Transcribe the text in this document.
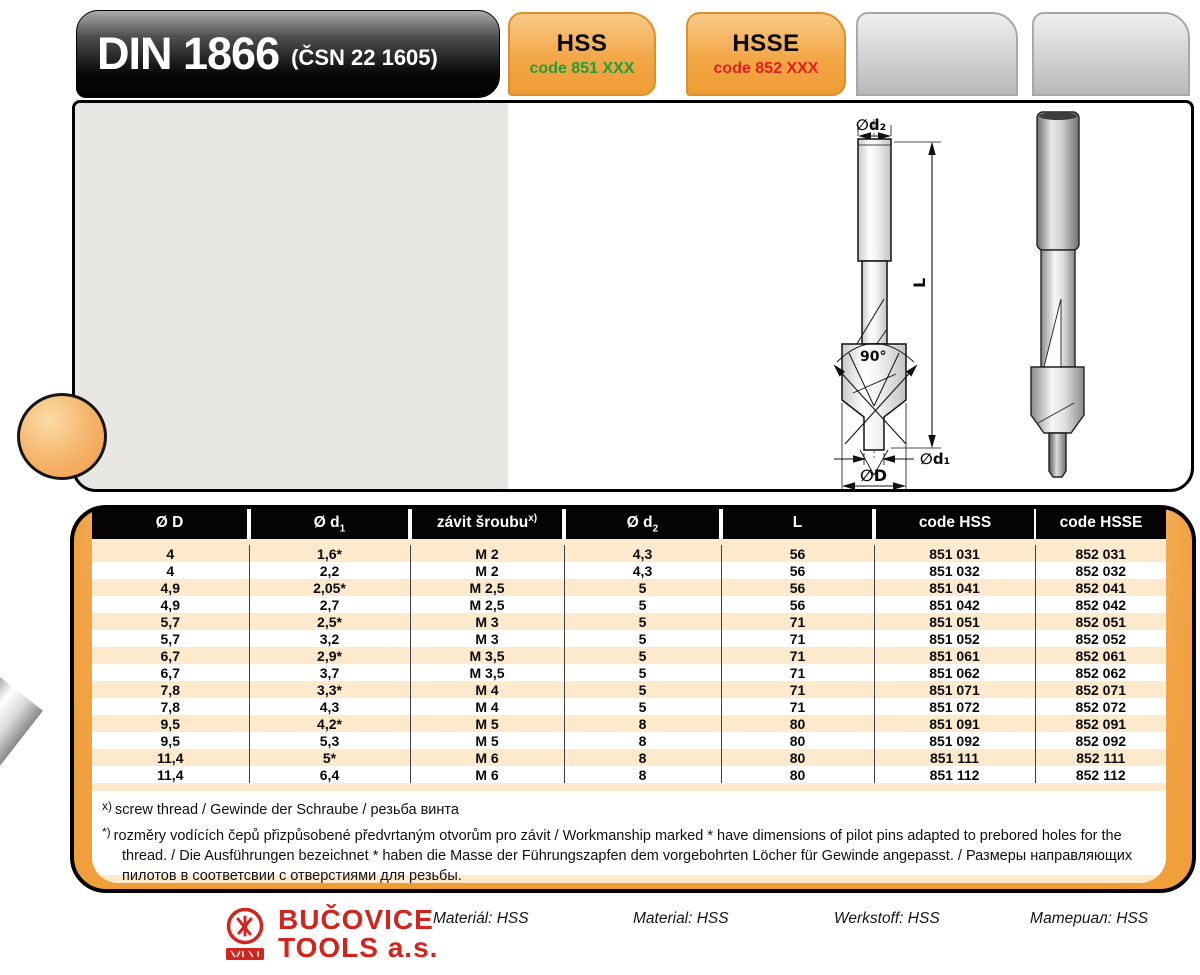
DIN 1866 (ČSN 22 1605)
HSS
code 851 XXX
HSSE
code 852 XXX
∅d₂
L
90°
∅d₁
∅D
Ø D	Ø $d_1$	závit šroubu$^{x)}$	Ø $d_2$	L	code HSS	code HSSE
4	1,6*	M 2	4,3	56	851 031	852 031
4	2,2	M 2	4,3	56	851 032	852 032
4,9	2,05*	M 2,5	5	56	851 041	852 041
4,9	2,7	M 2,5	5	56	851 042	852 042
5,7	2,5*	M 3	5	71	851 051	852 051
5,7	3,2	M 3	5	71	851 052	852 052
6,7	2,9*	M 3,5	5	71	851 061	852 061
6,7	3,7	M 3,5	5	71	851 062	852 062
7,8	3,3*	M 4	5	71	851 071	852 071
7,8	4,3	M 4	5	71	851 072	852 072
9,5	4,2*	M 5	8	80	851 091	852 091
9,5	5,3	M 5	8	80	851 092	852 092
11,4	5*	M 6	8	80	851 111	852 111
11,4	6,4	M 6	8	80	851 112	852 112
$^{x)}$ screw thread / Gewinde der Schraube / резьба винта
*) rozměry vodících čepů přizpůsobené předvrtaným otvorům pro závit / Workmanship marked * have dimensions of pilot pins adapted to prebored holes for the thread. / Die Ausführungen bezeichnet * haben die Masse der Führungszapfen dem vorgebohrten Löcher für Gewinde angepasst. / Размеры направляющих пилотов в соответсвии с отверстиями для резьбы.
BUČOVICE
TOOLS a.s.
Materiál: HSS	Material: HSS	Werkstoff: HSS	Материал: HSS
